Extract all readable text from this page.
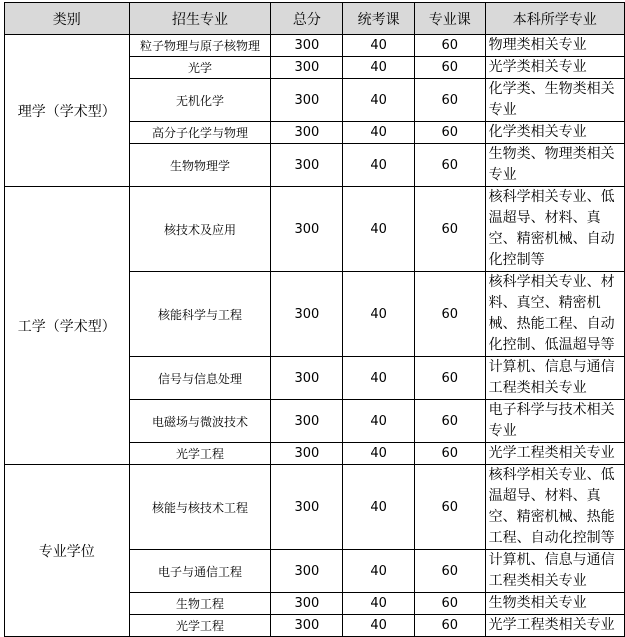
类别	招生专业	总分	统考课	专业课	本科所学专业
理学（学术型）	粒子物理与原子核物理	300	40	60	物理类相关专业
	光学	300	40	60	光学类相关专业
	无机化学	300	40	60	化学类、生物类相关专业
	高分子化学与物理	300	40	60	化学类相关专业
	生物物理学	300	40	60	生物类、物理类相关专业
工学（学术型）	核技术及应用	300	40	60	核科学相关专业、低温超导、材料、真空、精密机械、自动化控制等
	核能科学与工程	300	40	60	核科学相关专业、材料、真空、精密机械、热能工程、自动化控制、低温超导等
	信号与信息处理	300	40	60	计算机、信息与通信工程类相关专业
	电磁场与微波技术	300	40	60	电子科学与技术相关专业
	光学工程	300	40	60	光学工程类相关专业
专业学位	核能与核技术工程	300	40	60	核科学相关专业、低温超导、材料、真空、精密机械、热能工程、自动化控制等
	电子与通信工程	300	40	60	计算机、信息与通信工程类相关专业
	生物工程	300	40	60	生物类相关专业
	光学工程	300	40	60	光学工程类相关专业
